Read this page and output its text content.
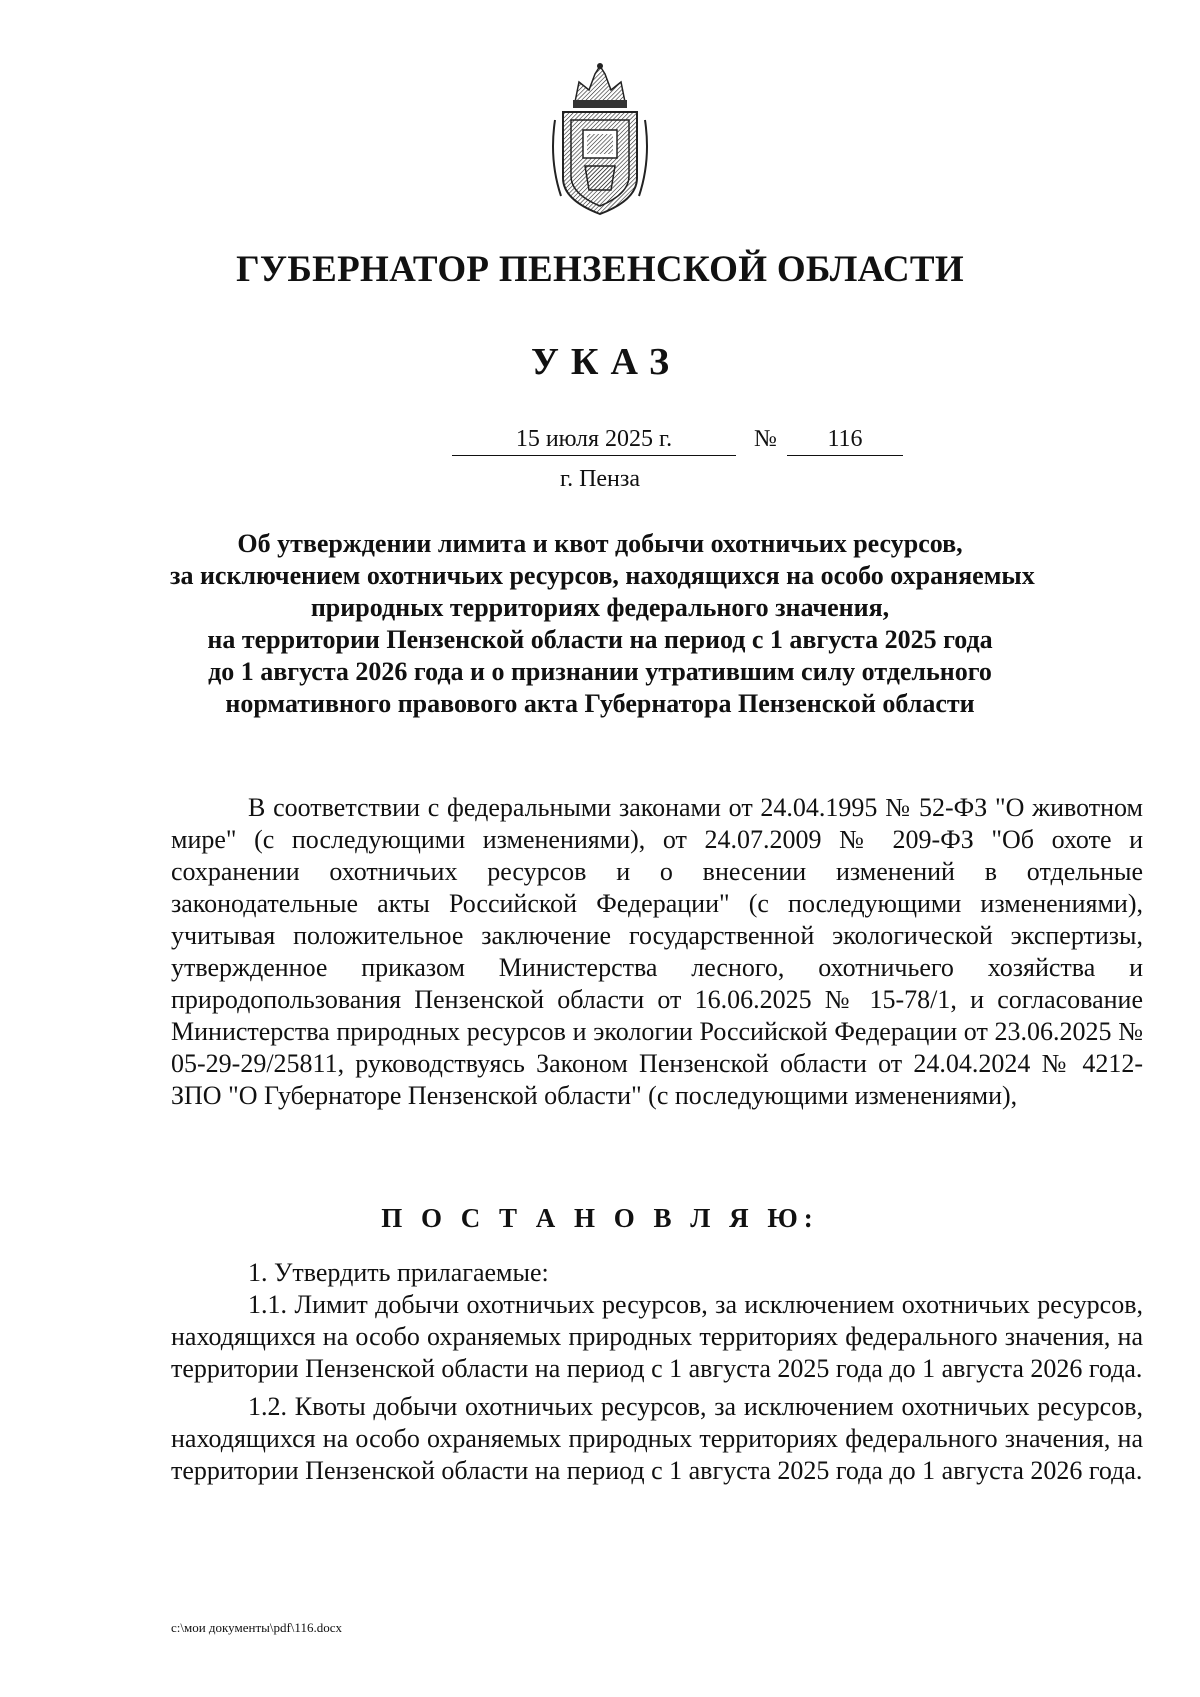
ГУБЕРНАТОР ПЕНЗЕНСКОЙ ОБЛАСТИ
УКАЗ
15 июля 2025 г.	№	116
г. Пенза
Об утверждении лимита и квот добычи охотничьих ресурсов,
за исключением охотничьих ресурсов, находящихся на особо охраняемых
природных территориях федерального значения,
на территории Пензенской области на период с 1 августа 2025 года
до 1 августа 2026 года и о признании утратившим силу отдельного
нормативного правового акта Губернатора Пензенской области

В соответствии с федеральными законами от 24.04.1995 № 52-ФЗ "О животном мире" (с последующими изменениями), от 24.07.2009 № 209-ФЗ "Об охоте и сохранении охотничьих ресурсов и о внесении изменений в отдельные законодательные акты Российской Федерации" (с последующими изменениями), учитывая положительное заключение государственной экологической экспертизы, утвержденное приказом Министерства лесного, охотничьего хозяйства и природопользования Пензенской области от 16.06.2025 № 15-78/1, и согласование Министерства природных ресурсов и экологии Российской Федерации от 23.06.2025 № 05-29-29/25811, руководствуясь Законом Пензенской области от 24.04.2024 № 4212-ЗПО "О Губернаторе Пензенской области" (с последующими изменениями),

П О С Т А Н О В Л Я Ю:

1. Утвердить прилагаемые:

1.1. Лимит добычи охотничьих ресурсов, за исключением охотничьих ресурсов, находящихся на особо охраняемых природных территориях федерального значения, на территории Пензенской области на период с 1 августа 2025 года до 1 августа 2026 года.

1.2. Квоты добычи охотничьих ресурсов, за исключением охотничьих ресурсов, находящихся на особо охраняемых природных территориях федерального значения, на территории Пензенской области на период с 1 августа 2025 года до 1 августа 2026 года.

c:\мои документы\pdf\116.docx
